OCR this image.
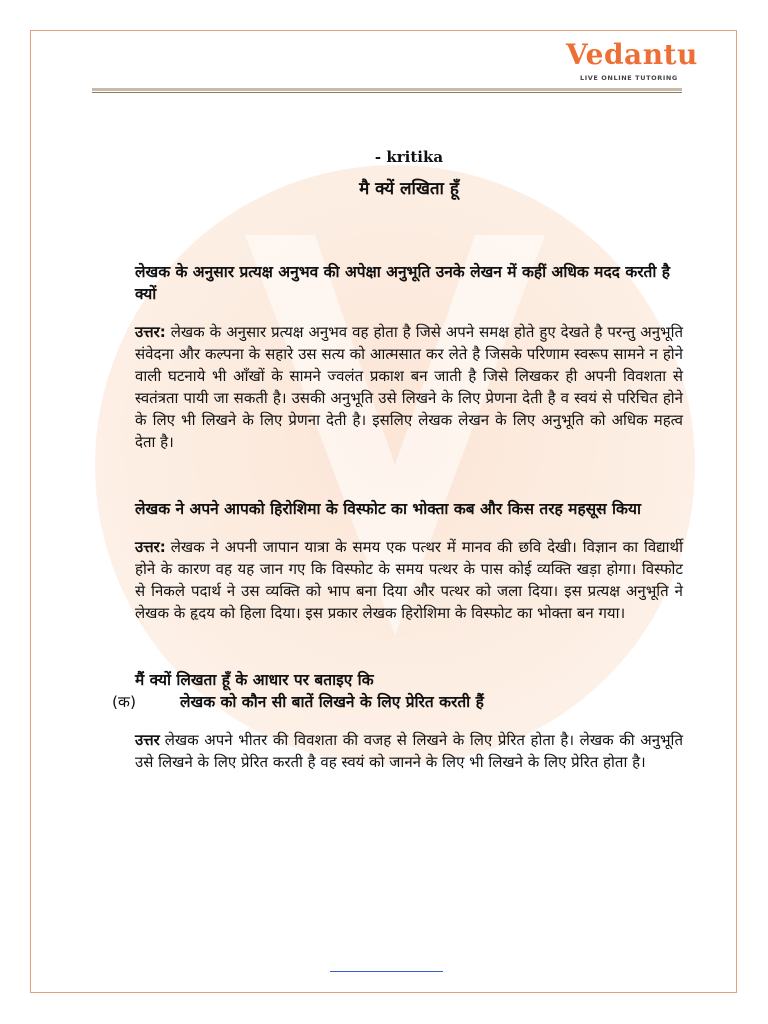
Vedantu
LIVE ONLINE TUTORING
- kritika
मै क्यें लखिता हूँ
लेखक के अनुसार प्रत्यक्ष अनुभव की अपेक्षा अनुभूति उनके लेखन में कहीं अधिक मदद करती है क्यों
उत्तर: लेखक के अनुसार प्रत्यक्ष अनुभव वह होता है जिसे अपने समक्ष होते हुए देखते है परन्तु अनुभूति संवेदना और कल्पना के सहारे उस सत्य को आत्मसात कर लेते है जिसके परिणाम स्वरूप सामने न होने वाली घटनाये भी आँखों के सामने ज्वलंत प्रकाश बन जाती है जिसे लिखकर ही अपनी विवशता से स्वतंत्रता पायी जा सकती है। उसकी अनुभूति उसे लिखने के लिए प्रेणना देती है व स्वयं से परिचित होने के लिए भी लिखने के लिए प्रेणना देती है। इसलिए लेखक लेखन के लिए अनुभूति को अधिक महत्व देता है।
लेखक ने अपने आपको हिरोशिमा के विस्फोट का भोक्ता कब और किस तरह महसूस किया
उत्तर: लेखक ने अपनी जापान यात्रा के समय एक पत्थर में मानव की छवि देखी। विज्ञान का विद्यार्थी होने के कारण वह यह जान गए कि विस्फोट के समय पत्थर के पास कोई व्यक्ति खड़ा होगा। विस्फोट से निकले पदार्थ ने उस व्यक्ति को भाप बना दिया और पत्थर को जला दिया। इस प्रत्यक्ष अनुभूति ने लेखक के हृदय को हिला दिया। इस प्रकार लेखक हिरोशिमा के विस्फोट का भोक्ता बन गया।
मैं क्यों लिखता हूँ के आधार पर बताइए कि
(क)	लेखक को कौन सी बातें लिखने के लिए प्रेरित करती हैं
उत्तर लेखक अपने भीतर की विवशता की वजह से लिखने के लिए प्रेरित होता है। लेखक की अनुभूति उसे लिखने के लिए प्रेरित करती है वह स्वयं को जानने के लिए भी लिखने के लिए प्रेरित होता है।
